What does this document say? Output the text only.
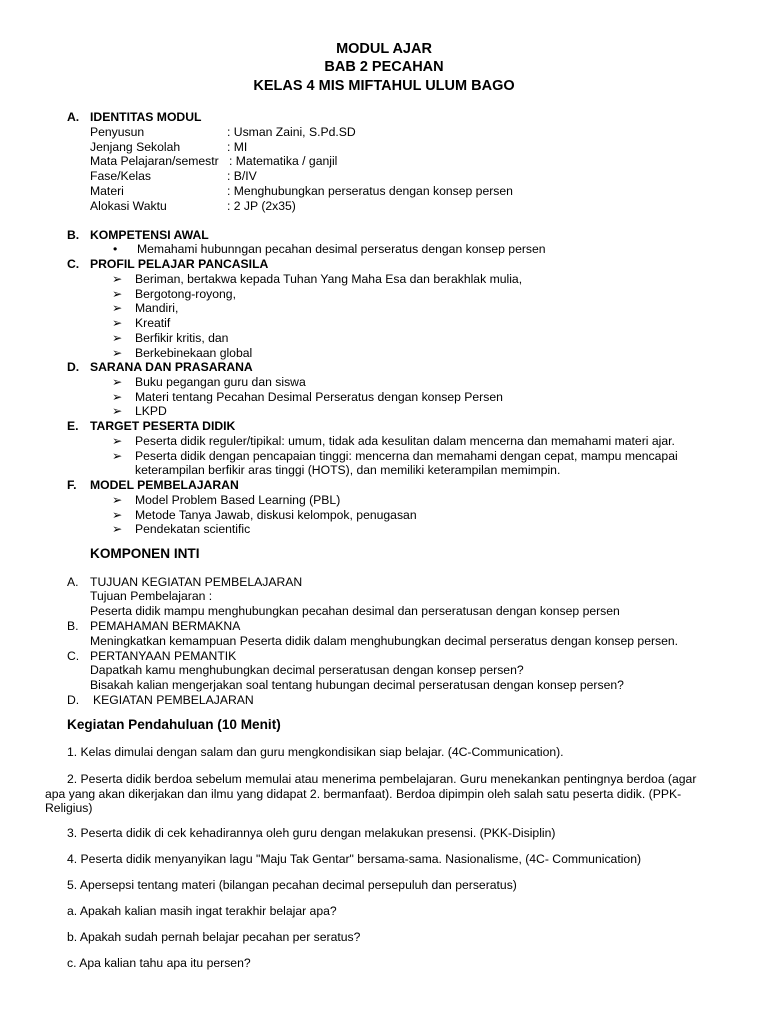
MODUL AJAR
BAB 2 PECAHAN
KELAS 4 MIS MIFTAHUL ULUM BAGO
A. IDENTITAS MODUL
Penyusun	: Usman Zaini, S.Pd.SD
Jenjang Sekolah	: MI
Mata Pelajaran/semestr : Matematika / ganjil
Fase/Kelas	: B/IV
Materi	: Menghubungkan perseratus dengan konsep persen
Alokasi Waktu	: 2 JP (2x35)
B. KOMPETENSI AWAL
• Memahami hubunngan pecahan desimal perseratus dengan konsep persen
C. PROFIL PELAJAR PANCASILA
➢ Beriman, bertakwa kepada Tuhan Yang Maha Esa dan berakhlak mulia,
➢ Bergotong-royong,
➢ Mandiri,
➢ Kreatif
➢ Berfikir kritis, dan
➢ Berkebinekaan global
D. SARANA DAN PRASARANA
➢ Buku pegangan guru dan siswa
➢ Materi tentang Pecahan Desimal Perseratus dengan konsep Persen
➢ LKPD
E. TARGET PESERTA DIDIK
➢ Peserta didik reguler/tipikal: umum, tidak ada kesulitan dalam mencerna dan memahami materi ajar.
➢ Peserta didik dengan pencapaian tinggi: mencerna dan memahami dengan cepat, mampu mencapai
keterampilan berfikir aras tinggi (HOTS), dan memiliki keterampilan memimpin.
F. MODEL PEMBELAJARAN
➢ Model Problem Based Learning (PBL)
➢ Metode Tanya Jawab, diskusi kelompok, penugasan
➢ Pendekatan scientific
KOMPONEN INTI
A. TUJUAN KEGIATAN PEMBELAJARAN
Tujuan Pembelajaran :
Peserta didik mampu menghubungkan pecahan desimal dan perseratusan dengan konsep persen
B. PEMAHAMAN BERMAKNA
Meningkatkan kemampuan Peserta didik dalam menghubungkan decimal perseratus dengan konsep persen.
C. PERTANYAAN PEMANTIK
Dapatkah kamu menghubungkan decimal perseratusan dengan konsep persen?
Bisakah kalian mengerjakan soal tentang hubungan decimal perseratusan dengan konsep persen?
D. KEGIATAN PEMBELAJARAN
Kegiatan Pendahuluan (10 Menit)
1. Kelas dimulai dengan salam dan guru mengkondisikan siap belajar. (4C-Communication).
2. Peserta didik berdoa sebelum memulai atau menerima pembelajaran. Guru menekankan pentingnya berdoa (agar
apa yang akan dikerjakan dan ilmu yang didapat 2. bermanfaat). Berdoa dipimpin oleh salah satu peserta didik. (PPK-
Religius)
3. Peserta didik di cek kehadirannya oleh guru dengan melakukan presensi. (PKK-Disiplin)
4. Peserta didik menyanyikan lagu "Maju Tak Gentar" bersama-sama. Nasionalisme, (4C- Communication)
5. Apersepsi tentang materi (bilangan pecahan decimal persepuluh dan perseratus)
a. Apakah kalian masih ingat terakhir belajar apa?
b. Apakah sudah pernah belajar pecahan per seratus?
c. Apa kalian tahu apa itu persen?
